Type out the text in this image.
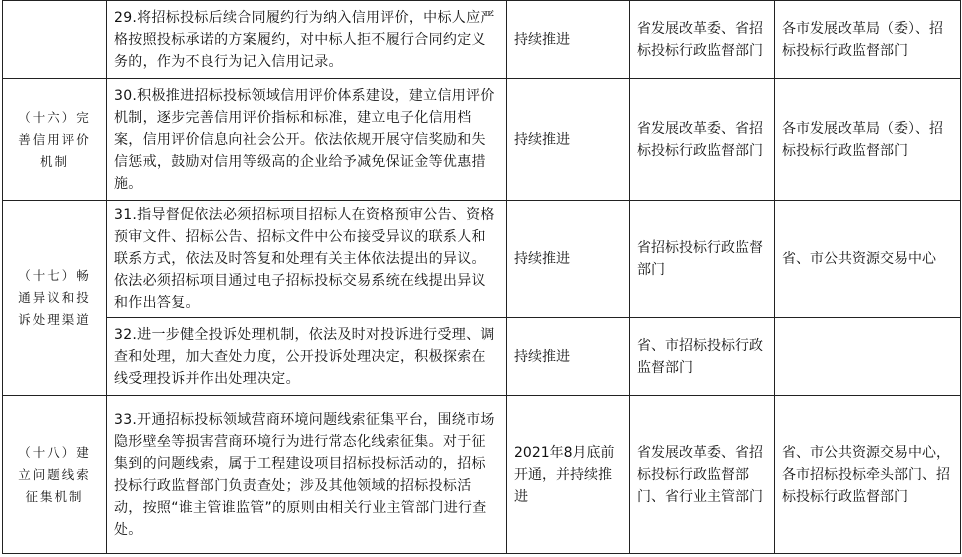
	29.将招标投标后续合同履约行为纳入信用评价，中标人应严格按照投标承诺的方案履约，对中标人拒不履行合同约定义务的，作为不良行为记入信用记录。	持续推进	省发展改革委、省招标投标行政监督部门	各市发展改革局（委）、招标投标行政监督部门
（十六）完善信用评价机制	30.积极推进招标投标领域信用评价体系建设，建立信用评价机制，逐步完善信用评价指标和标准，建立电子化信用档案，信用评价信息向社会公开。依法依规开展守信奖励和失信惩戒，鼓励对信用等级高的企业给予减免保证金等优惠措施。	持续推进	省发展改革委、省招标投标行政监督部门	各市发展改革局（委）、招标投标行政监督部门
（十七）畅通异议和投诉处理渠道	31.指导督促依法必须招标项目招标人在资格预审公告、资格预审文件、招标公告、招标文件中公布接受异议的联系人和联系方式，依法及时答复和处理有关主体依法提出的异议。依法必须招标项目通过电子招标投标交易系统在线提出异议和作出答复。	持续推进	省招标投标行政监督部门	省、市公共资源交易中心
	32.进一步健全投诉处理机制，依法及时对投诉进行受理、调查和处理，加大查处力度，公开投诉处理决定，积极探索在线受理投诉并作出处理决定。	持续推进	省、市招标投标行政监督部门	
（十八）建立问题线索征集机制	33.开通招标投标领域营商环境问题线索征集平台，围绕市场隐形壁垒等损害营商环境行为进行常态化线索征集。对于征集到的问题线索，属于工程建设项目招标投标活动的，招标投标行政监督部门负责查处；涉及其他领域的招标投标活动，按照“谁主管谁监管”的原则由相关行业主管部门进行查处。	2021年8月底前开通，并持续推进	省发展改革委、省招标投标行政监督部门、省行业主管部门	省、市公共资源交易中心，各市招标投标牵头部门、招标投标行政监督部门
